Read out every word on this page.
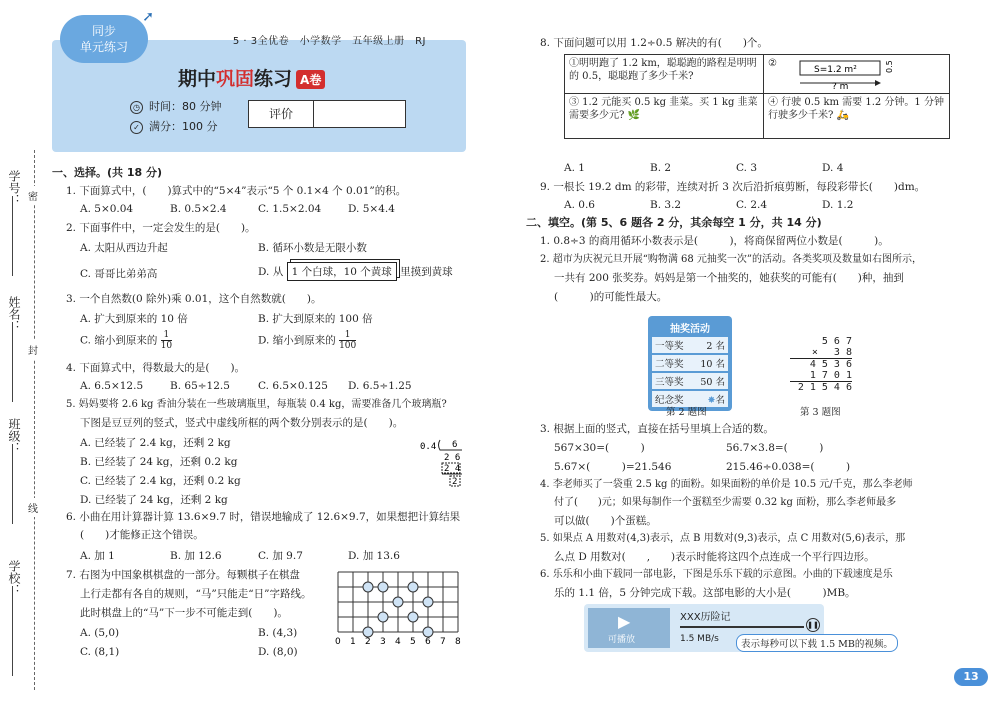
学号：
姓名：
班级：
学校：
密
封
线
5 · 3全优卷　小学数学　五年级上册　RJ
同步
单元练习
➚
期中巩固练习 A卷
◷ 时间：80 分钟
✓ 满分：100 分
评价
一、选择。(共 18 分)
1. 下面算式中，(　　)算式中的“5×4”表示“5 个 0.1×4 个 0.01”的积。
A. 5×0.04	B. 0.5×2.4	C. 1.5×2.04	D. 5×4.4
2. 下面事件中，一定会发生的是(　　)。
A. 太阳从西边升起	B. 循环小数是无限小数
C. 哥哥比弟弟高	D. 从 1 个白球，10 个黄球 里摸到黄球
3. 一个自然数(0 除外)乘 0.01，这个自然数就(　　)。
A. 扩大到原来的 10 倍	B. 扩大到原来的 100 倍
C. 缩小到原来的 $\frac{1}{10}$	D. 缩小到原来的 $\frac{1}{100}$
4. 下面算式中，得数最大的是(　　)。
A. 6.5×12.5	B. 65÷12.5	C. 6.5×0.125 D. 6.5÷1.25
5. 妈妈要将 2.6 kg 香油分装在一些玻璃瓶里，每瓶装 0.4 kg，需要准备几个玻璃瓶?
下图是豆豆列的竖式，竖式中虚线所框的两个数分别表示的是(　　)。
A. 已经装了 2.4 kg，还剩 2 kg
B. 已经装了 24 kg，还剩 0.2 kg
C. 已经装了 2.4 kg，还剩 0.2 kg
D. 已经装了 24 kg，还剩 2 kg
0.4 6
2 6
2 4
2
6. 小曲在用计算器计算 13.6×9.7 时，错误地输成了 12.6×9.7，如果想把计算结果
(　　)才能修正这个错误。
A. 加 1	B. 加 12.6	C. 加 9.7	D. 加 13.6
7. 右图为中国象棋棋盘的一部分。每颗棋子在棋盘
上行走都有各自的规则，“马”只能走“日”字路线。
此时棋盘上的“马”下一步不可能走到(　　)。
A. (5,0)	B. (4,3)
C. (8,1)	D. (8,0)
0 1 2 3 4 5 6 7 8
8. 下面问题可以用 1.2÷0.5 解决的有(　　)个。
①明明跑了 1.2 km，聪聪跑的路程是明明的 0.5，聪聪跑了多少千米?	②
S=1.2 m²
? m
0.5 m

③ 1.2 元能买 0.5 kg 韭菜。买 1 kg 韭菜需要多少元? 🌿	④ 行驶 0.5 km 需要 1.2 分钟。1 分钟行驶多少千米? 🛵
A. 1	B. 2	C. 3	D. 4
9. 一根长 19.2 dm 的彩带，连续对折 3 次后沿折痕剪断，每段彩带长(　　)dm。
A. 0.6	B. 3.2	C. 2.4	D. 1.2
二、填空。(第 5、6 题各 2 分，其余每空 1 分，共 14 分)
1. 0.8÷3 的商用循环小数表示是(　　　)，将商保留两位小数是(　　　)。
2. 超市为庆祝元旦开展“购物满 68 元抽奖一次”的活动。各类奖项及数量如右图所示，
一共有 200 张奖券。妈妈是第一个抽奖的，她获奖的可能有(　　)种，抽到
(　　　)的可能性最大。
抽奖活动
一等奖 2 名
二等奖 10 名
三等奖 50 名
纪念奖	✸名
第 2 题图
5 6 7
×　 3 8
4 5 3 6
1 7 0 1
2 1 5 4 6
第 3 题图
3. 根据上面的竖式，直接在括号里填上合适的数。
567×30=(　　　)	56.7×3.8=(　　　)
5.67×(　　　)=21.546	215.46÷0.038=(　　　)
4. 李老师买了一袋重 2.5 kg 的面粉。如果面粉的单价是 10.5 元/千克，那么李老师
付了(　　)元；如果每制作一个蛋糕至少需要 0.32 kg 面粉，那么李老师最多
可以做(　　)个蛋糕。
5. 如果点 A 用数对(4,3)表示，点 B 用数对(9,3)表示，点 C 用数对(5,6)表示，那
么点 D 用数对(　　,　　)表示时能将这四个点连成一个平行四边形。
6. 乐乐和小曲下载同一部电影，下图是乐乐下载的示意图。小曲的下载速度是乐
乐的 1.1 倍，5 分钟完成下载。这部电影的大小是(　　　)MB。
▶
可播放
XXX历险记
❚❚
1.5 MB/s	表示每秒可以下载 1.5 MB的视频。
13
